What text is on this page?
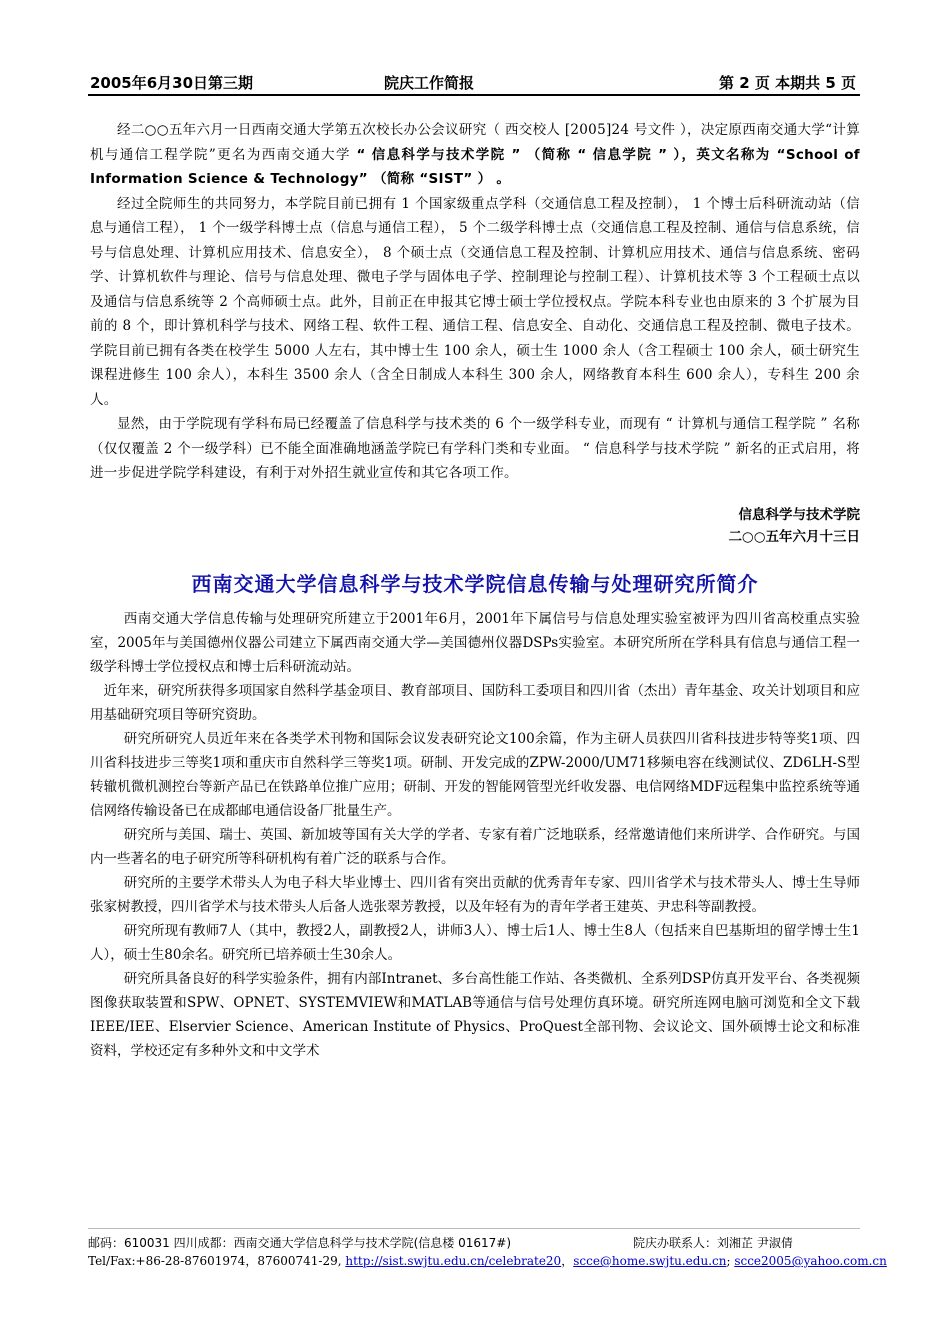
2005年6月30日第三期	院庆工作简报	第 2 页 本期共 5 页

经二○○五年六月一日西南交通大学第五次校长办公会议研究（ 西交校人 [2005]24 号文件 ），决定原西南交通大学“计算机与通信工程学院”更名为西南交通大学 “ 信息科学与技术学院 ” （简称 “ 信息学院 ” ），英文名称为 “School of Information Science & Technology” （简称 “SIST” ） 。

经过全院师生的共同努力，本学院目前已拥有 1 个国家级重点学科（交通信息工程及控制）， 1 个博士后科研流动站（信息与通信工程）， 1 个一级学科博士点（信息与通信工程）， 5 个二级学科博士点（交通信息工程及控制、通信与信息系统，信号与信息处理、计算机应用技术、信息安全）， 8 个硕士点（交通信息工程及控制、计算机应用技术、通信与信息系统、密码学、计算机软件与理论、信号与信息处理、微电子学与固体电子学、控制理论与控制工程）、计算机技术等 3 个工程硕士点以及通信与信息系统等 2 个高师硕士点。此外，目前正在申报其它博士硕士学位授权点。学院本科专业也由原来的 3 个扩展为目前的 8 个，即计算机科学与技术、网络工程、软件工程、通信工程、信息安全、自动化、交通信息工程及控制、微电子技术。学院目前已拥有各类在校学生 5000 人左右，其中博士生 100 余人，硕士生 1000 余人（含工程硕士 100 余人，硕士研究生课程进修生 100 余人），本科生 3500 余人（含全日制成人本科生 300 余人，网络教育本科生 600 余人），专科生 200 余人。

显然，由于学院现有学科布局已经覆盖了信息科学与技术类的 6 个一级学科专业，而现有 “ 计算机与通信工程学院 ” 名称（仅仅覆盖 2 个一级学科）已不能全面准确地涵盖学院已有学科门类和专业面。 “ 信息科学与技术学院 ” 新名的正式启用，将进一步促进学院学科建设，有利于对外招生就业宣传和其它各项工作。

信息科学与技术学院
二○○五年六月十三日
西南交通大学信息科学与技术学院信息传输与处理研究所简介

西南交通大学信息传输与处理研究所建立于2001年6月，2001年下属信号与信息处理实验室被评为四川省高校重点实验室，2005年与美国德州仪器公司建立下属西南交通大学—美国德州仪器DSPs实验室。本研究所所在学科具有信息与通信工程一级学科博士学位授权点和博士后科研流动站。

近年来，研究所获得多项国家自然科学基金项目、教育部项目、国防科工委项目和四川省（杰出）青年基金、攻关计划项目和应用基础研究项目等研究资助。

研究所研究人员近年来在各类学术刊物和国际会议发表研究论文100余篇，作为主研人员获四川省科技进步特等奖1项、四川省科技进步三等奖1项和重庆市自然科学三等奖1项。研制、开发完成的ZPW-2000/UM71移频电容在线测试仪、ZD6LH-S型转辙机微机测控台等新产品已在铁路单位推广应用；研制、开发的智能网管型光纤收发器、电信网络MDF远程集中监控系统等通信网络传输设备已在成都邮电通信设备厂批量生产。

研究所与美国、瑞士、英国、新加坡等国有关大学的学者、专家有着广泛地联系，经常邀请他们来所讲学、合作研究。与国内一些著名的电子研究所等科研机构有着广泛的联系与合作。

研究所的主要学术带头人为电子科大毕业博士、四川省有突出贡献的优秀青年专家、四川省学术与技术带头人、博士生导师张家树教授，四川省学术与技术带头人后备人选张翠芳教授，以及年轻有为的青年学者王建英、尹忠科等副教授。

研究所现有教师7人（其中，教授2人，副教授2人，讲师3人）、博士后1人、博士生8人（包括来自巴基斯坦的留学博士生1人），硕士生80余名。研究所已培养硕士生30余人。

研究所具备良好的科学实验条件，拥有内部Intranet、多台高性能工作站、各类微机、全系列DSP仿真开发平台、各类视频图像获取装置和SPW、OPNET、SYSTEMVIEW和MATLAB等通信与信号处理仿真环境。研究所连网电脑可浏览和全文下载IEEE/IEE、Elservier Science、American Institute of Physics、ProQuest全部刊物、会议论文、国外硕博士论文和标准资料，学校还定有多种外文和中文学术

邮码：610031 四川成都：西南交通大学信息科学与技术学院(信息楼 01617#)	院庆办联系人：刘湘芷 尹淑倩
Tel/Fax:+86-28-87601974，87600741-29, http://sist.swjtu.edu.cn/celebrate20，scce@home.swjtu.edu.cn; scce2005@yahoo.com.cn
